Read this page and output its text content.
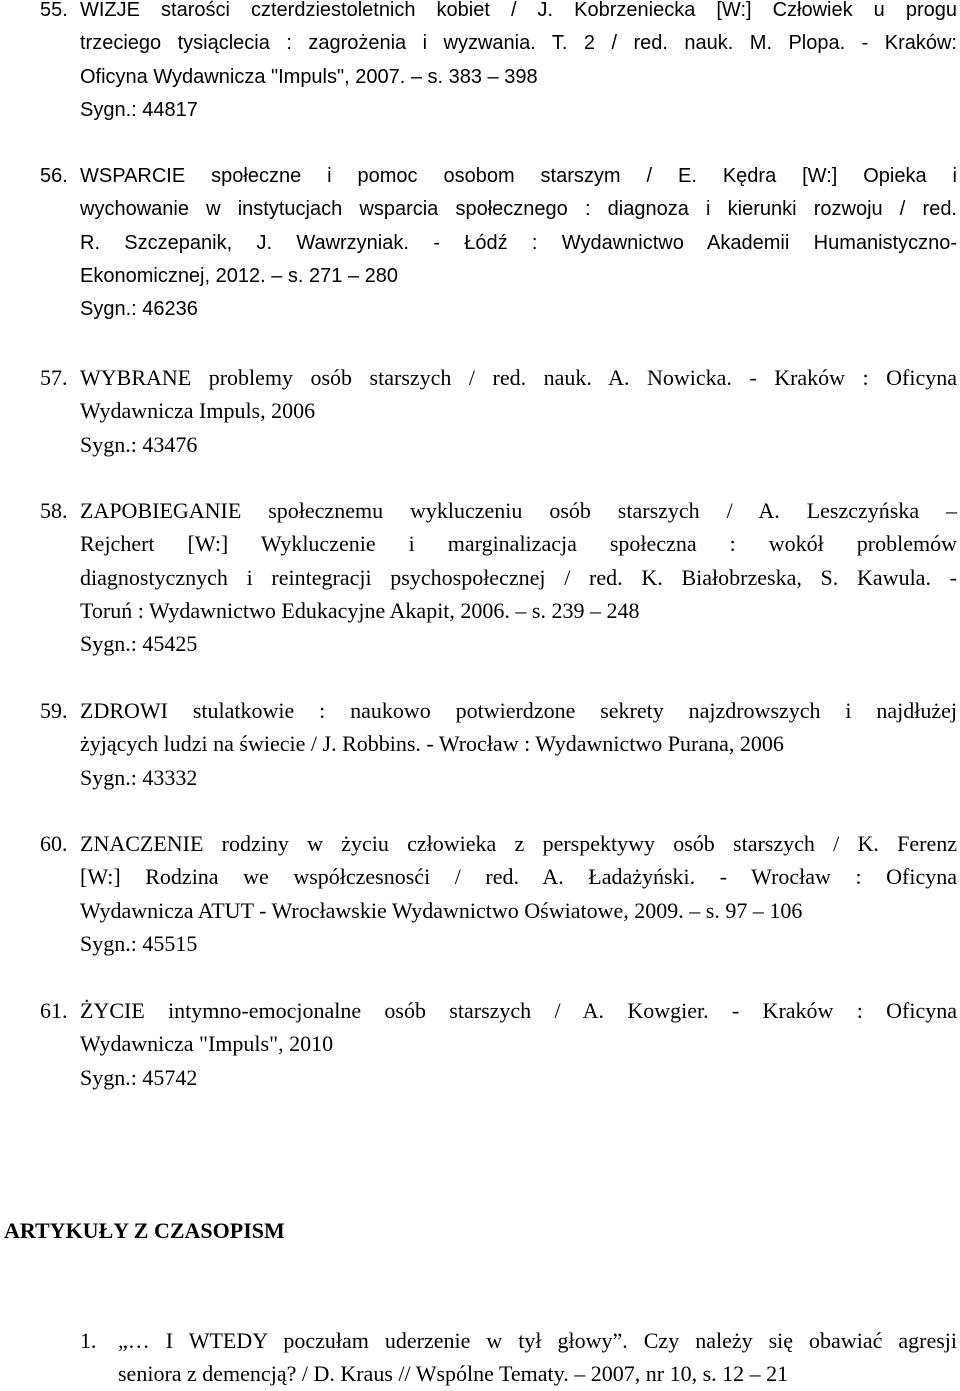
55. WIZJE starości czterdziestoletnich kobiet / J. Kobrzeniecka [W:] Człowiek u progu
trzeciego tysiąclecia : zagrożenia i wyzwania. T. 2 / red. nauk. M. Plopa. - Kraków:
Oficyna Wydawnicza "Impuls", 2007. – s. 383 – 398
Sygn.: 44817
56. WSPARCIE społeczne i pomoc osobom starszym / E. Kędra [W:] Opieka i
wychowanie w instytucjach wsparcia społecznego : diagnoza i kierunki rozwoju / red.
R. Szczepanik, J. Wawrzyniak. - Łódź : Wydawnictwo Akademii Humanistyczno-
Ekonomicznej, 2012. – s. 271 – 280
Sygn.: 46236
57. WYBRANE problemy osób starszych / red. nauk. A. Nowicka. - Kraków : Oficyna
Wydawnicza Impuls, 2006
Sygn.: 43476
58. ZAPOBIEGANIE społecznemu wykluczeniu osób starszych / A. Leszczyńska –
Rejchert [W:] Wykluczenie i marginalizacja społeczna : wokół problemów
diagnostycznych i reintegracji psychospołecznej / red. K. Białobrzeska, S. Kawula. -
Toruń : Wydawnictwo Edukacyjne Akapit, 2006. – s. 239 – 248
Sygn.: 45425
59. ZDROWI stulatkowie : naukowo potwierdzone sekrety najzdrowszych i najdłużej
żyjących ludzi na świecie / J. Robbins. - Wrocław : Wydawnictwo Purana, 2006
Sygn.: 43332
60. ZNACZENIE rodziny w życiu człowieka z perspektywy osób starszych / K. Ferenz
[W:] Rodzina we współczesnosći / red. A. Ładażyński. - Wrocław : Oficyna
Wydawnicza ATUT - Wrocławskie Wydawnictwo Oświatowe, 2009. – s. 97 – 106
Sygn.: 45515
61. ŻYCIE intymno-emocjonalne osób starszych / A. Kowgier. - Kraków : Oficyna
Wydawnicza "Impuls", 2010
Sygn.: 45742
ARTYKUŁY Z CZASOPISM
1. „… I WTEDY poczułam uderzenie w tył głowy”. Czy należy się obawiać agresji
seniora z demencją? / D. Kraus // Wspólne Tematy. – 2007, nr 10, s. 12 – 21
